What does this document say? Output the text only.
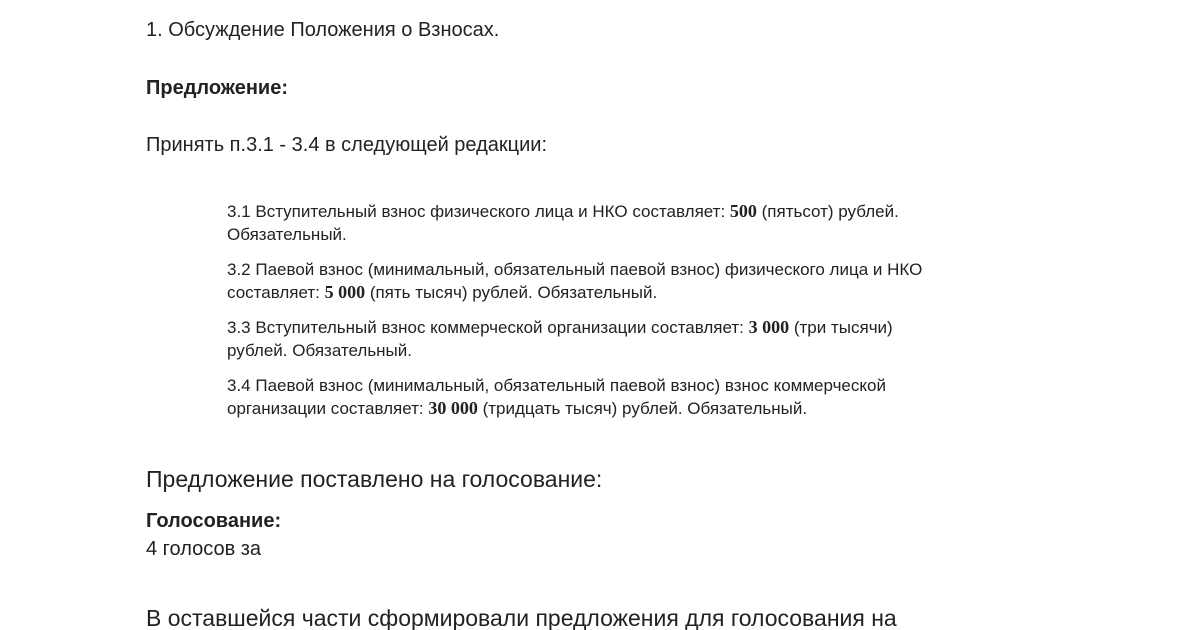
1. Обсуждение Положения о Взносах.

Предложение:

Принять п.3.1 - 3.4 в следующей редакции:

3.1 Вступительный взнос физического лица и НКО составляет: 500 (пятьсот) рублей.
Обязательный.

3.2 Паевой взнос (минимальный, обязательный паевой взнос) физического лица и НКО
составляет: 5 000 (пять тысяч) рублей. Обязательный.

3.3 Вступительный взнос коммерческой организации составляет: 3 000 (три тысячи)
рублей. Обязательный.

3.4 Паевой взнос (минимальный, обязательный паевой взнос) взнос коммерческой
организации составляет: 30 000 (тридцать тысяч) рублей. Обязательный.

Предложение поставлено на голосование:

Голосование:

4 голосов за

В оставшейся части сформировали предложения для голосования на
